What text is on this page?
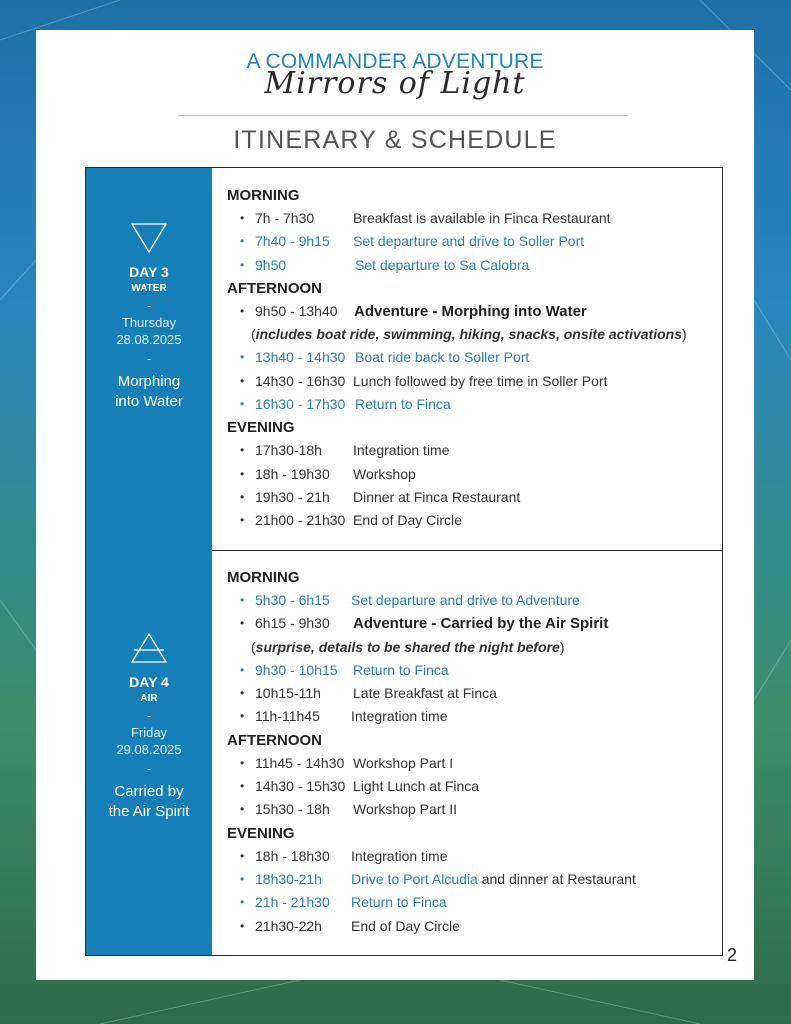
A COMMANDER ADVENTURE
Mirrors of Light
ITINERARY & SCHEDULE
DAY 3
WATER
-
Thursday
28.08.2025
-
Morphing
into Water
MORNING
• 7h - 7h30	Breakfast is available in Finca Restaurant
• 7h40 - 9h15 Set departure and drive to Soller Port
• 9h50	Set departure to Sa Calobra
AFTERNOON
• 9h50 - 13h40 Adventure - Morphing into Water
(includes boat ride, swimming, hiking, snacks, onsite activations)
• 13h40 - 14h30 Boat ride back to Soller Port
• 14h30 - 16h30 Lunch followed by free time in Soller Port
• 16h30 - 17h30 Return to Finca
EVENING
• 17h30-18h Integration time
• 18h - 19h30 Workshop
• 19h30 - 21h Dinner at Finca Restaurant
• 21h00 - 21h30 End of Day Circle
DAY 4
AIR
-
Friday
29.08.2025
-
Carried by
the Air Spirit
MORNING
• 5h30 - 6h15 Set departure and drive to Adventure
• 6h15 - 9h30 Adventure - Carried by the Air Spirit
(surprise, details to be shared the night before)
• 9h30 - 10h15 Return to Finca
• 10h15-11h Late Breakfast at Finca
• 11h-11h45 Integration time
AFTERNOON
• 11h45 - 14h30 Workshop Part I
• 14h30 - 15h30 Light Lunch at Finca
• 15h30 - 18h Workshop Part II
EVENING
• 18h - 18h30 Integration time
• 18h30-21h Drive to Port Alcudia and dinner at Restaurant
• 21h - 21h30 Return to Finca
• 21h30-22h End of Day Circle
2
